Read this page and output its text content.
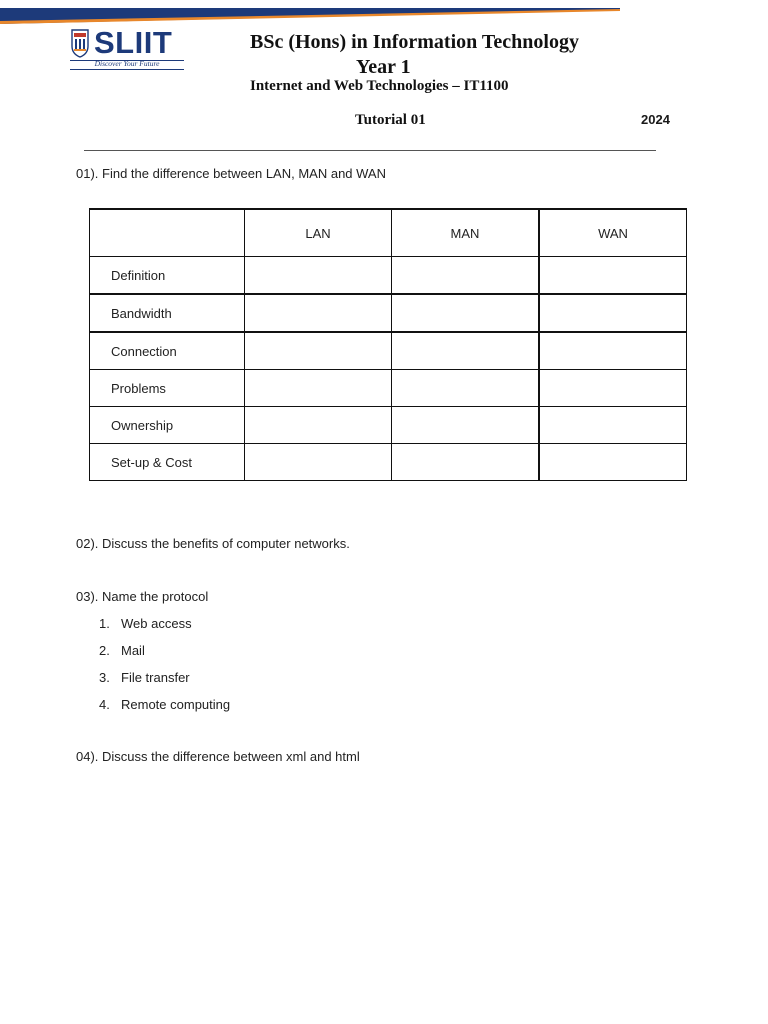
SLIIT
Discover Your Future
BSc (Hons) in Information Technology
Year 1
Internet and Web Technologies – IT1100
Tutorial 01	2024
01). Find the difference between LAN, MAN and WAN
	LAN	MAN	WAN
Definition			
Bandwidth			
Connection			
Problems			
Ownership			
Set-up & Cost			
02). Discuss the benefits of computer networks.
03). Name the protocol
1. Web access
2. Mail
3. File transfer
4. Remote computing
04). Discuss the difference between xml and html
